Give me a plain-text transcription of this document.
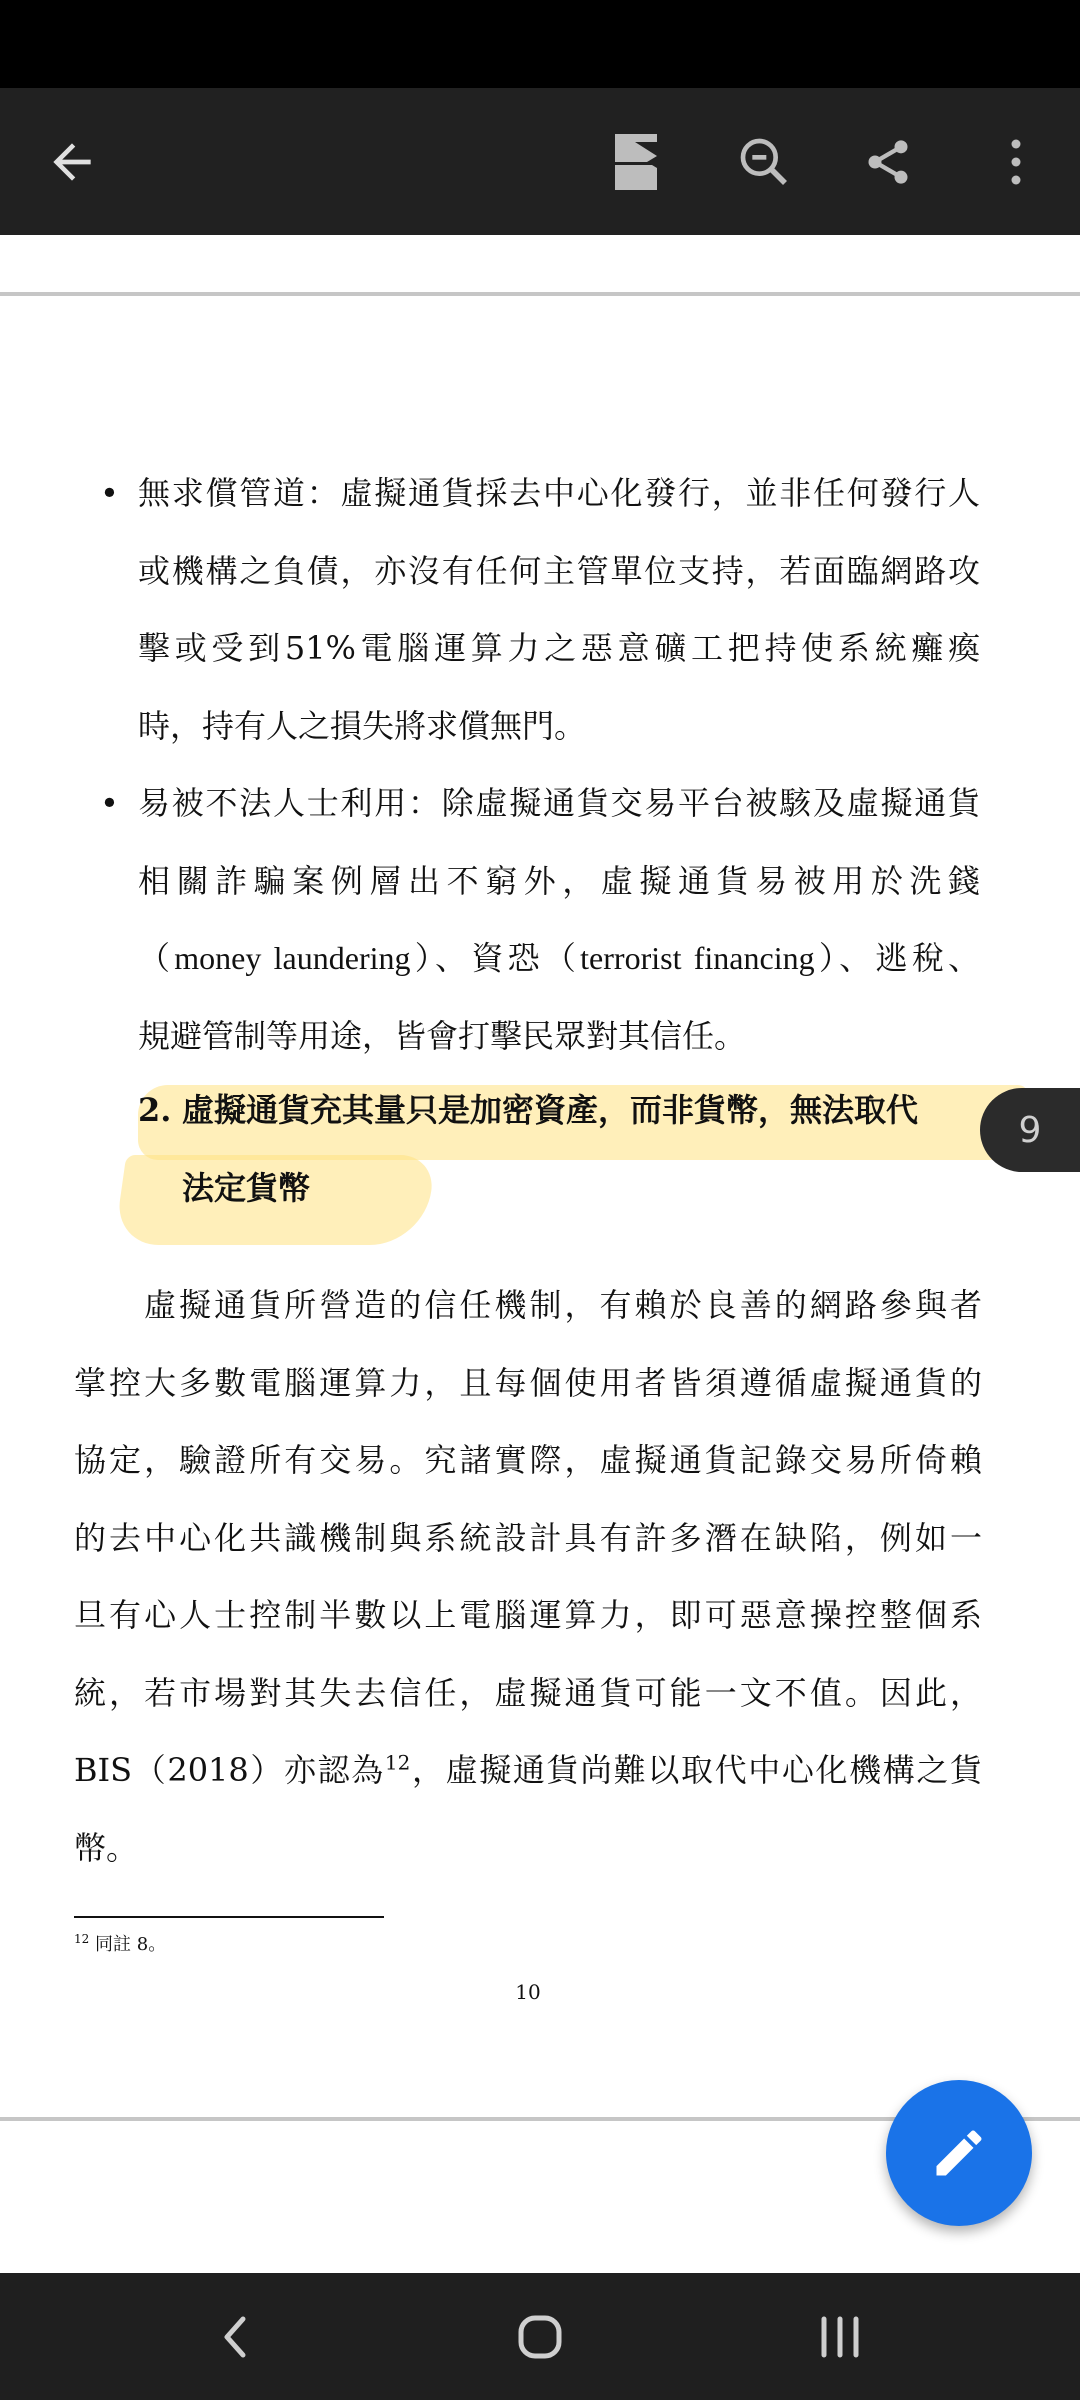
• 無求償管道：虛擬通貨採去中心化發行，並非任何發行人
或機構之負債，亦沒有任何主管單位支持，若面臨網路攻
擊或受到51%電腦運算力之惡意礦工把持使系統癱瘓
時，持有人之損失將求償無門。
• 易被不法人士利用：除虛擬通貨交易平台被駭及虛擬通貨
相關詐騙案例層出不窮外，虛擬通貨易被用於洗錢
（money laundering）、資恐（terrorist financing）、逃稅、
規避管制等用途，皆會打擊民眾對其信任。
2. 虛擬通貨充其量只是加密資產，而非貨幣，無法取代
法定貨幣
虛擬通貨所營造的信任機制，有賴於良善的網路參與者
掌控大多數電腦運算力，且每個使用者皆須遵循虛擬通貨的
協定，驗證所有交易。究諸實際，虛擬通貨記錄交易所倚賴
的去中心化共識機制與系統設計具有許多潛在缺陷，例如一
旦有心人士控制半數以上電腦運算力，即可惡意操控整個系
統，若市場對其失去信任，虛擬通貨可能一文不值。因此，
BIS（2018）亦認為$^{12}$，虛擬通貨尚難以取代中心化機構之貨
幣。
$^{12}$ 同註 8。
10
9
